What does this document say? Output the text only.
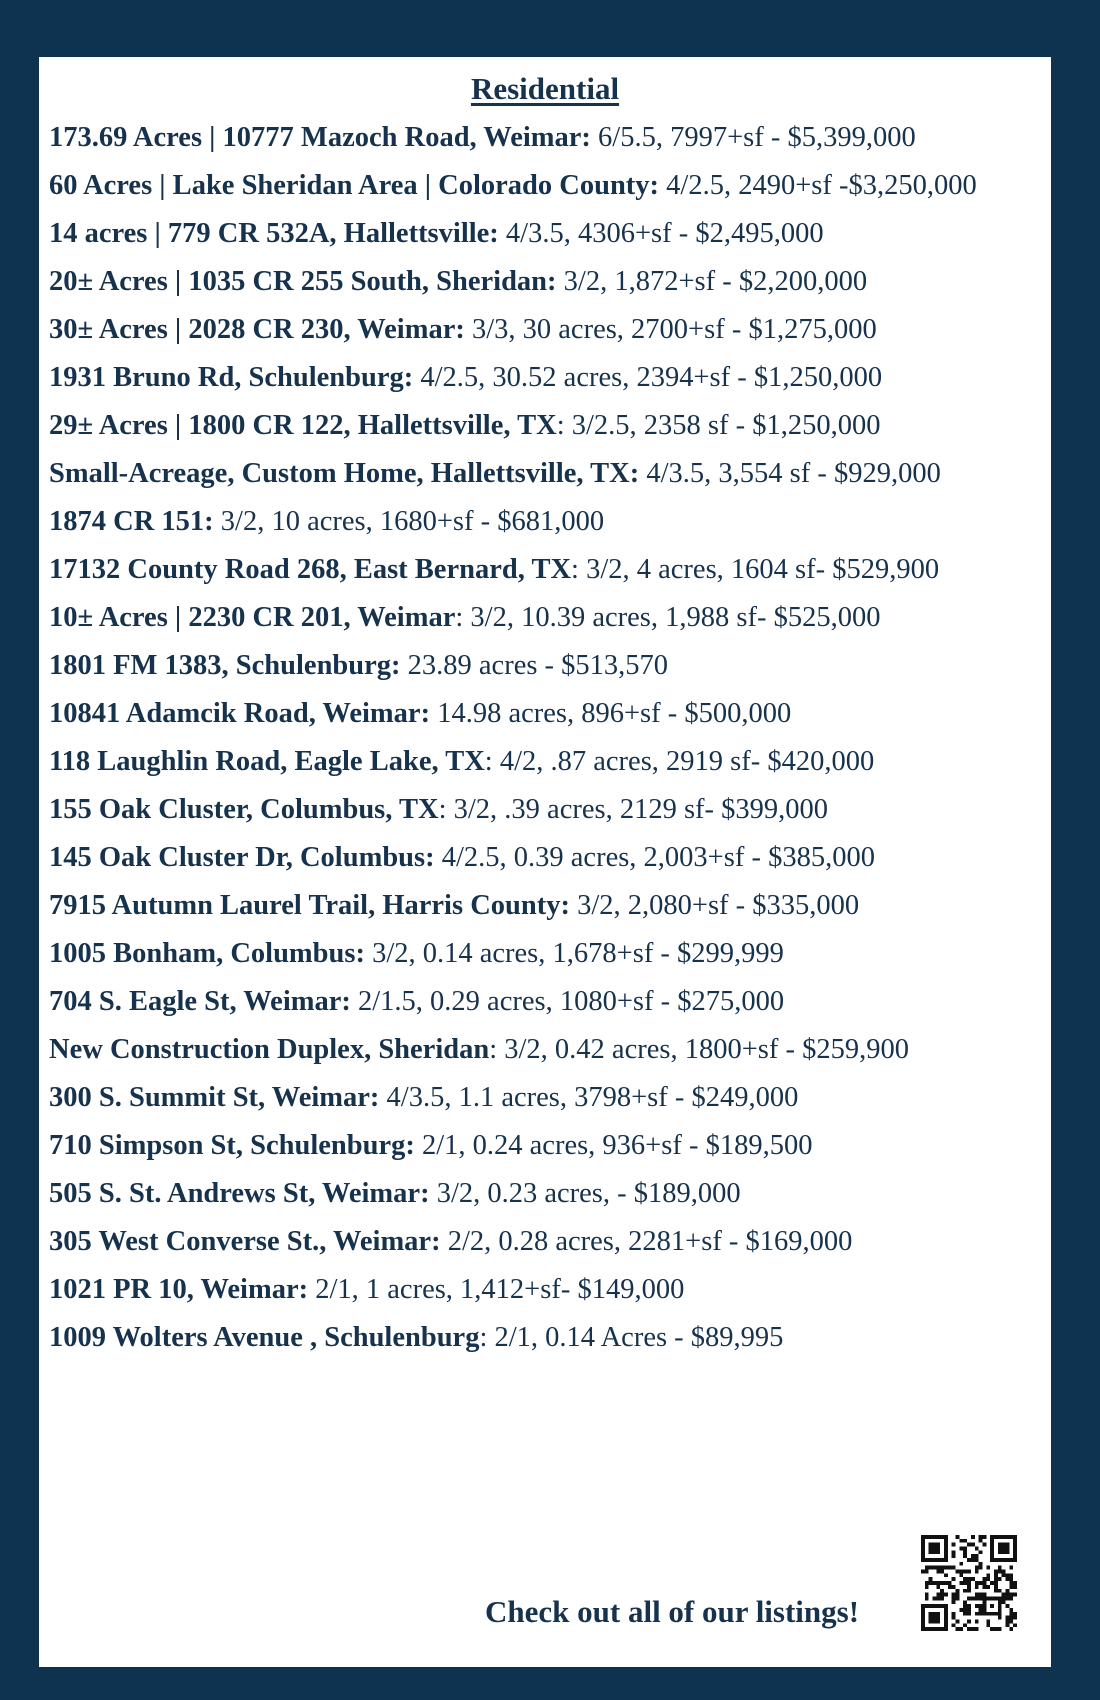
Residential
173.69 Acres | 10777 Mazoch Road, Weimar: 6/5.5, 7997+sf - $5,399,000
60 Acres | Lake Sheridan Area | Colorado County: 4/2.5, 2490+sf -$3,250,000
14 acres | 779 CR 532A, Hallettsville: 4/3.5, 4306+sf - $2,495,000
20± Acres | 1035 CR 255 South, Sheridan: 3/2, 1,872+sf - $2,200,000
30± Acres | 2028 CR 230, Weimar: 3/3, 30 acres, 2700+sf - $1,275,000
1931 Bruno Rd, Schulenburg: 4/2.5, 30.52 acres, 2394+sf - $1,250,000
29± Acres | 1800 CR 122, Hallettsville, TX: 3/2.5, 2358 sf - $1,250,000
Small-Acreage, Custom Home, Hallettsville, TX: 4/3.5, 3,554 sf - $929,000
1874 CR 151: 3/2, 10 acres, 1680+sf - $681,000
17132 County Road 268, East Bernard, TX: 3/2, 4 acres, 1604 sf- $529,900
10± Acres | 2230 CR 201, Weimar: 3/2, 10.39 acres, 1,988 sf- $525,000
1801 FM 1383, Schulenburg: 23.89 acres - $513,570
10841 Adamcik Road, Weimar: 14.98 acres, 896+sf - $500,000
118 Laughlin Road, Eagle Lake, TX: 4/2, .87 acres, 2919 sf- $420,000
155 Oak Cluster, Columbus, TX: 3/2, .39 acres, 2129 sf- $399,000
145 Oak Cluster Dr, Columbus: 4/2.5, 0.39 acres, 2,003+sf - $385,000
7915 Autumn Laurel Trail, Harris County: 3/2, 2,080+sf - $335,000
1005 Bonham, Columbus: 3/2, 0.14 acres, 1,678+sf - $299,999
704 S. Eagle St, Weimar: 2/1.5, 0.29 acres, 1080+sf - $275,000
New Construction Duplex, Sheridan: 3/2, 0.42 acres, 1800+sf - $259,900
300 S. Summit St, Weimar: 4/3.5, 1.1 acres, 3798+sf - $249,000
710 Simpson St, Schulenburg: 2/1, 0.24 acres, 936+sf - $189,500
505 S. St. Andrews St, Weimar: 3/2, 0.23 acres, - $189,000
305 West Converse St., Weimar: 2/2, 0.28 acres, 2281+sf - $169,000
1021 PR 10, Weimar: 2/1, 1 acres, 1,412+sf- $149,000
1009 Wolters Avenue , Schulenburg: 2/1, 0.14 Acres - $89,995
Check out all of our listings!
